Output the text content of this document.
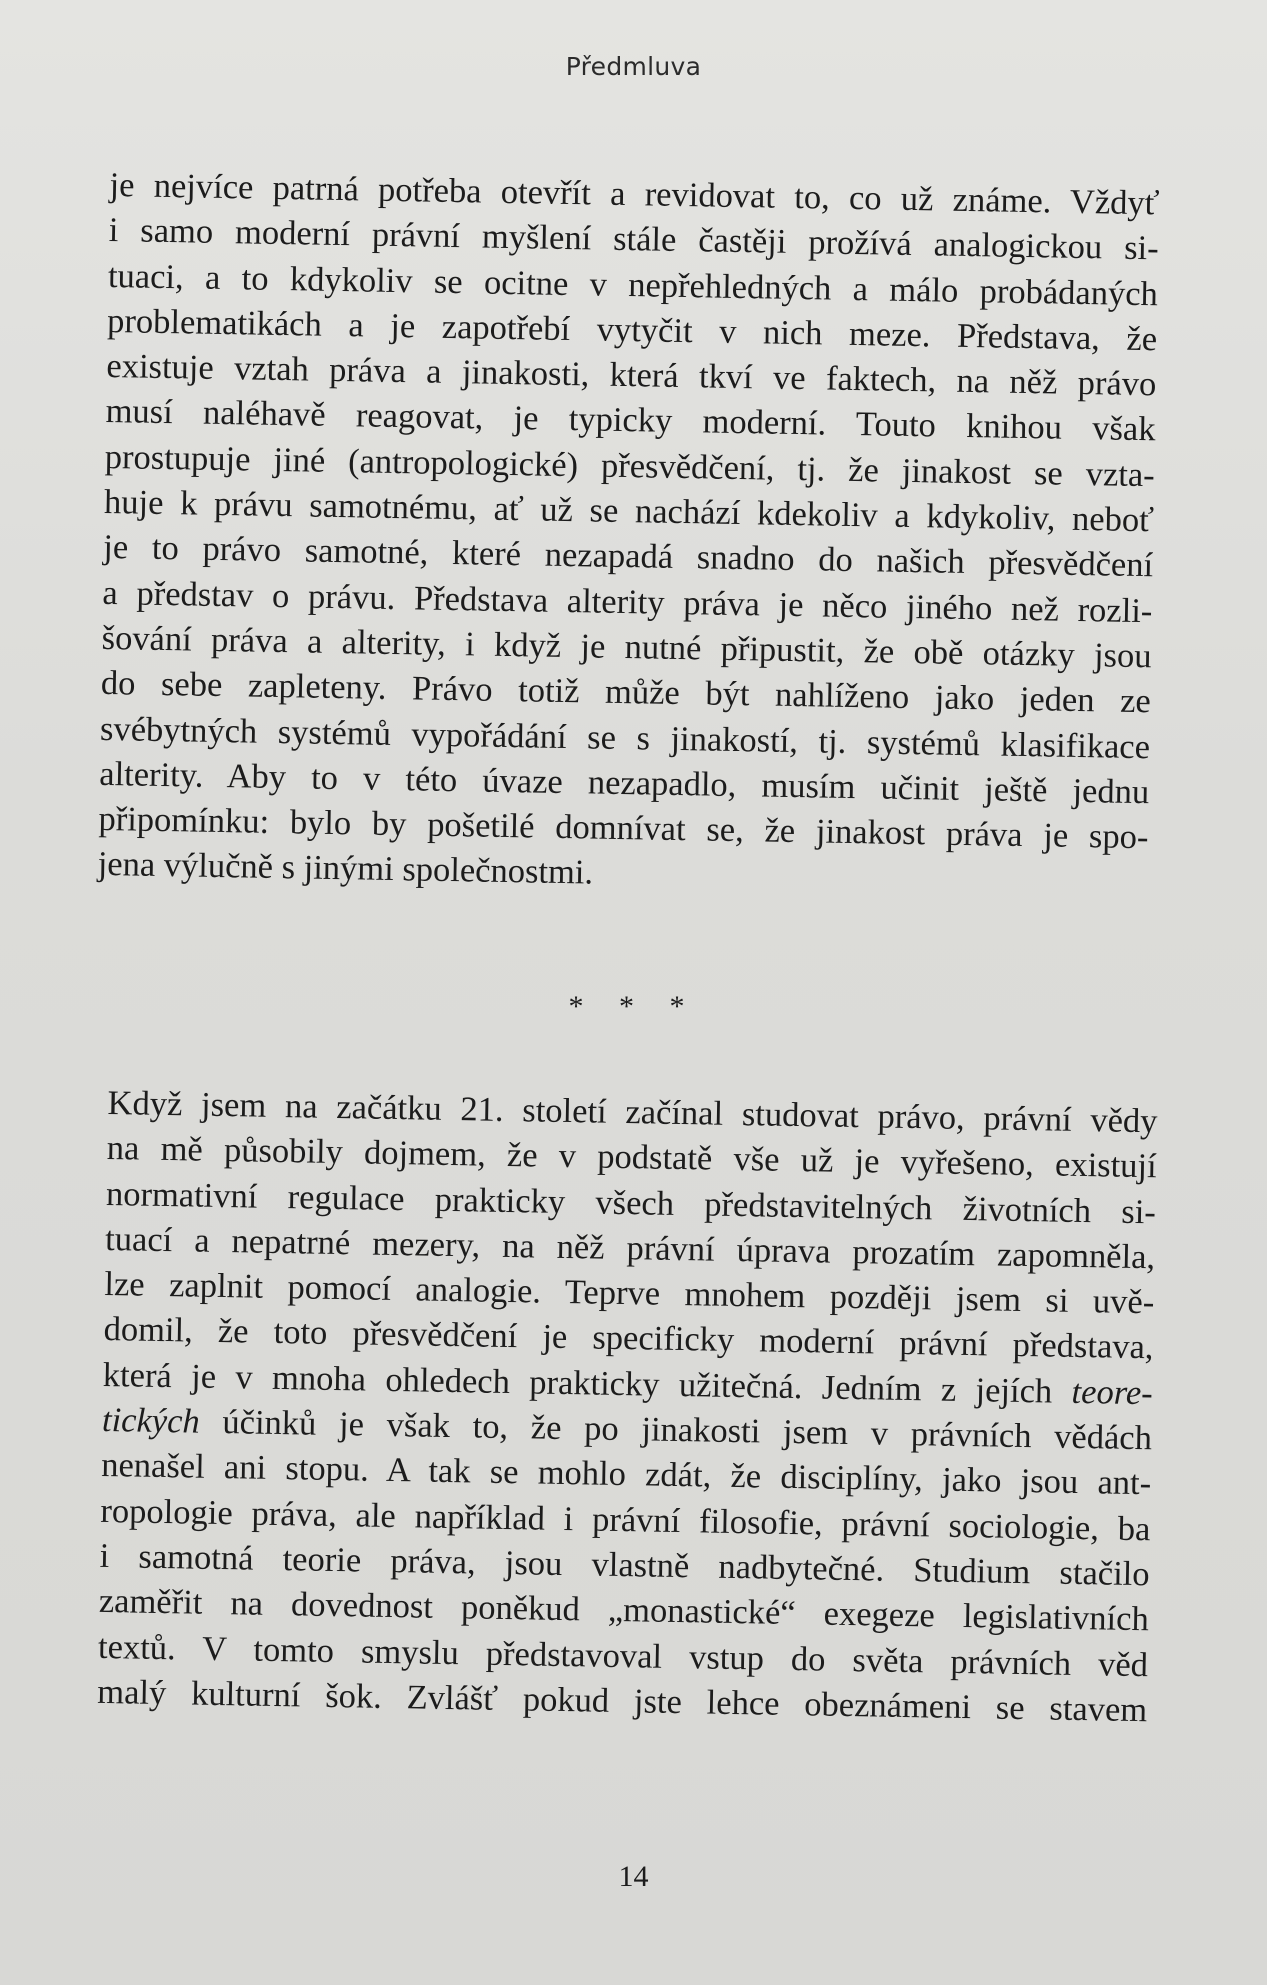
Předmluva
je nejvíce patrná potřeba otevřít a revidovat to, co už známe. Vždyť
i samo moderní právní myšlení stále častěji prožívá analogickou si-
tuaci, a to kdykoliv se ocitne v nepřehledných a málo probádaných
problematikách a je zapotřebí vytyčit v nich meze. Představa, že
existuje vztah práva a jinakosti, která tkví ve faktech, na něž právo
musí naléhavě reagovat, je typicky moderní. Touto knihou však
prostupuje jiné (antropologické) přesvědčení, tj. že jinakost se vzta-
huje k právu samotnému, ať už se nachází kdekoliv a kdykoliv, neboť
je to právo samotné, které nezapadá snadno do našich přesvědčení
a představ o právu. Představa alterity práva je něco jiného než rozli-
šování práva a alterity, i když je nutné připustit, že obě otázky jsou
do sebe zapleteny. Právo totiž může být nahlíženo jako jeden ze
svébytných systémů vypořádání se s jinakostí, tj. systémů klasifikace
alterity. Aby to v této úvaze nezapadlo, musím učinit ještě jednu
připomínku: bylo by pošetilé domnívat se, že jinakost práva je spo-
jena výlučně s jinými společnostmi.
* * *
Když jsem na začátku 21. století začínal studovat právo, právní vědy
na mě působily dojmem, že v podstatě vše už je vyřešeno, existují
normativní regulace prakticky všech představitelných životních si-
tuací a nepatrné mezery, na něž právní úprava prozatím zapomněla,
lze zaplnit pomocí analogie. Teprve mnohem později jsem si uvě-
domil, že toto přesvědčení je specificky moderní právní představa,
která je v mnoha ohledech prakticky užitečná. Jedním z jejích teore-
tických účinků je však to, že po jinakosti jsem v právních vědách
nenašel ani stopu. A tak se mohlo zdát, že disciplíny, jako jsou ant-
ropologie práva, ale například i právní filosofie, právní sociologie, ba
i samotná teorie práva, jsou vlastně nadbytečné. Studium stačilo
zaměřit na dovednost poněkud „monastické“ exegeze legislativních
textů. V tomto smyslu představoval vstup do světa právních věd
malý kulturní šok. Zvlášť pokud jste lehce obeznámeni se stavem
14
